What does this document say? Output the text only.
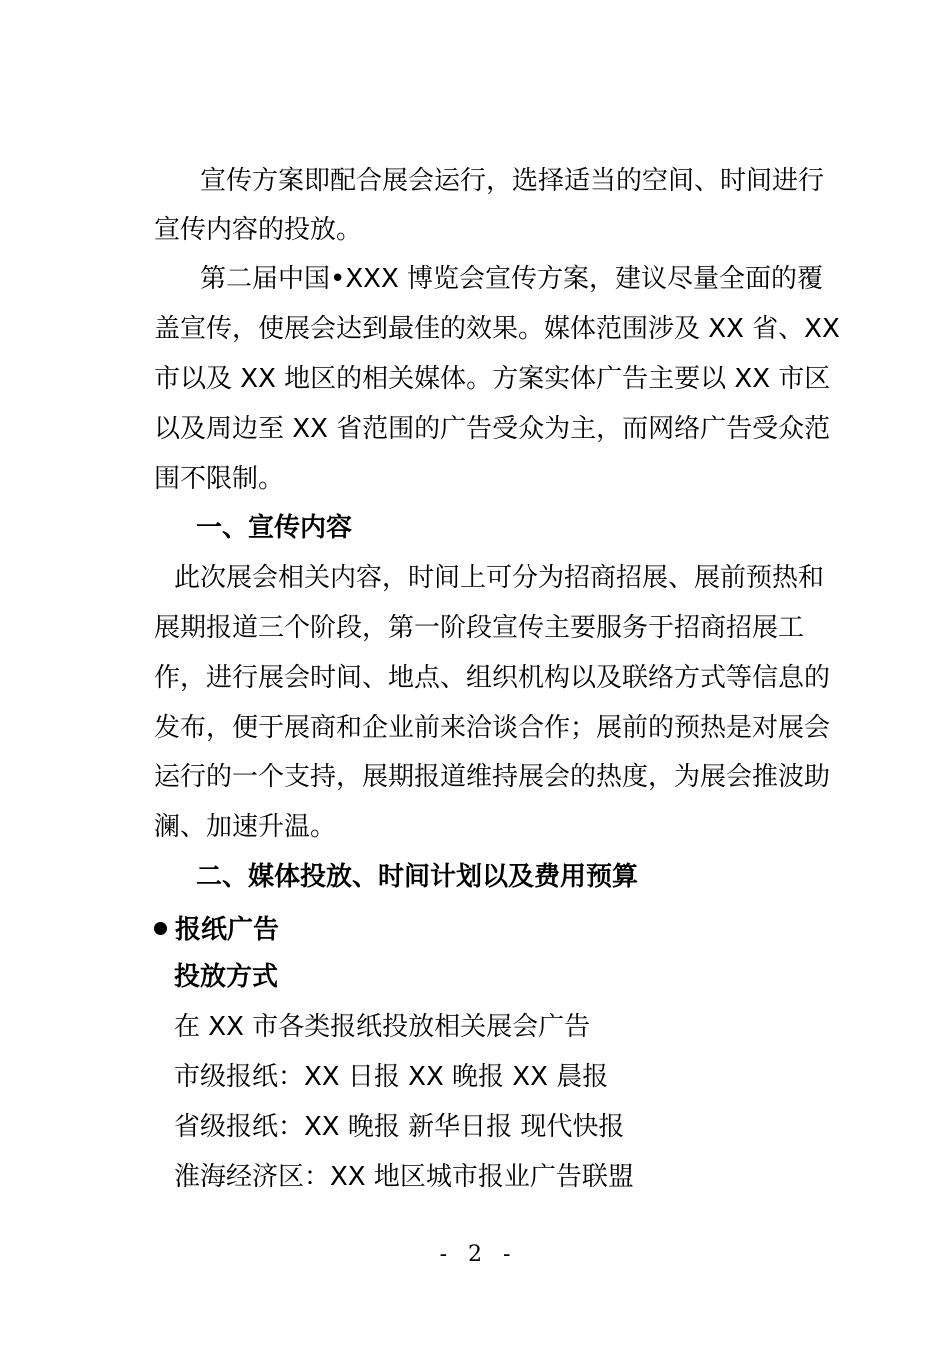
宣传方案即配合展会运行，选择适当的空间、时间进行
宣传内容的投放。
第二届中国•XXX 博览会宣传方案，建议尽量全面的覆
盖宣传，使展会达到最佳的效果。媒体范围涉及 XX 省、XX
市以及 XX 地区的相关媒体。方案实体广告主要以 XX 市区
以及周边至 XX 省范围的广告受众为主，而网络广告受众范
围不限制。
一、宣传内容
此次展会相关内容，时间上可分为招商招展、展前预热和
展期报道三个阶段，第一阶段宣传主要服务于招商招展工
作，进行展会时间、地点、组织机构以及联络方式等信息的
发布，便于展商和企业前来洽谈合作；展前的预热是对展会
运行的一个支持，展期报道维持展会的热度，为展会推波助
澜、加速升温。
二、媒体投放、时间计划以及费用预算
报纸广告
投放方式
在 XX 市各类报纸投放相关展会广告
市级报纸：XX 日报 XX 晚报 XX 晨报
省级报纸：XX 晚报 新华日报 现代快报
淮海经济区：XX 地区城市报业广告联盟
-   2   -
